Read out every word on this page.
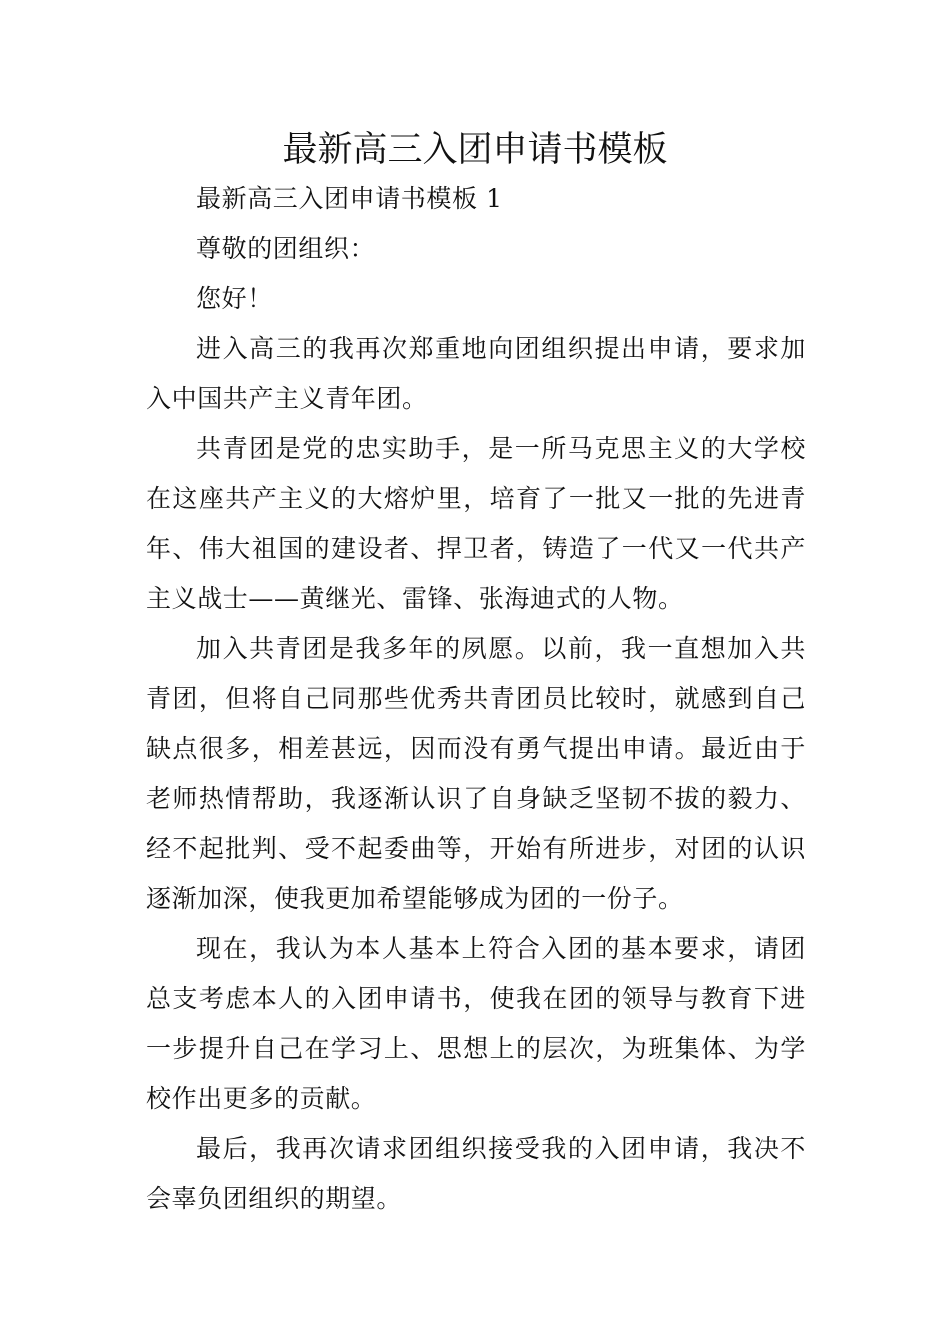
最新高三入团申请书模板

最新高三入团申请书模板 1

尊敬的团组织：

您好！

进入高三的我再次郑重地向团组织提出申请，要求加入中国共产主义青年团。

共青团是党的忠实助手，是一所马克思主义的大学校在这座共产主义的大熔炉里，培育了一批又一批的先进青年、伟大祖国的建设者、捍卫者，铸造了一代又一代共产主义战士——黄继光、雷锋、张海迪式的人物。

加入共青团是我多年的夙愿。以前，我一直想加入共青团，但将自己同那些优秀共青团员比较时，就感到自己缺点很多，相差甚远，因而没有勇气提出申请。最近由于老师热情帮助，我逐渐认识了自身缺乏坚韧不拔的毅力、经不起批判、受不起委曲等，开始有所进步，对团的认识逐渐加深，使我更加希望能够成为团的一份子。

现在，我认为本人基本上符合入团的基本要求，请团总支考虑本人的入团申请书，使我在团的领导与教育下进一步提升自己在学习上、思想上的层次，为班集体、为学校作出更多的贡献。

最后，我再次请求团组织接受我的入团申请，我决不会辜负团组织的期望。
